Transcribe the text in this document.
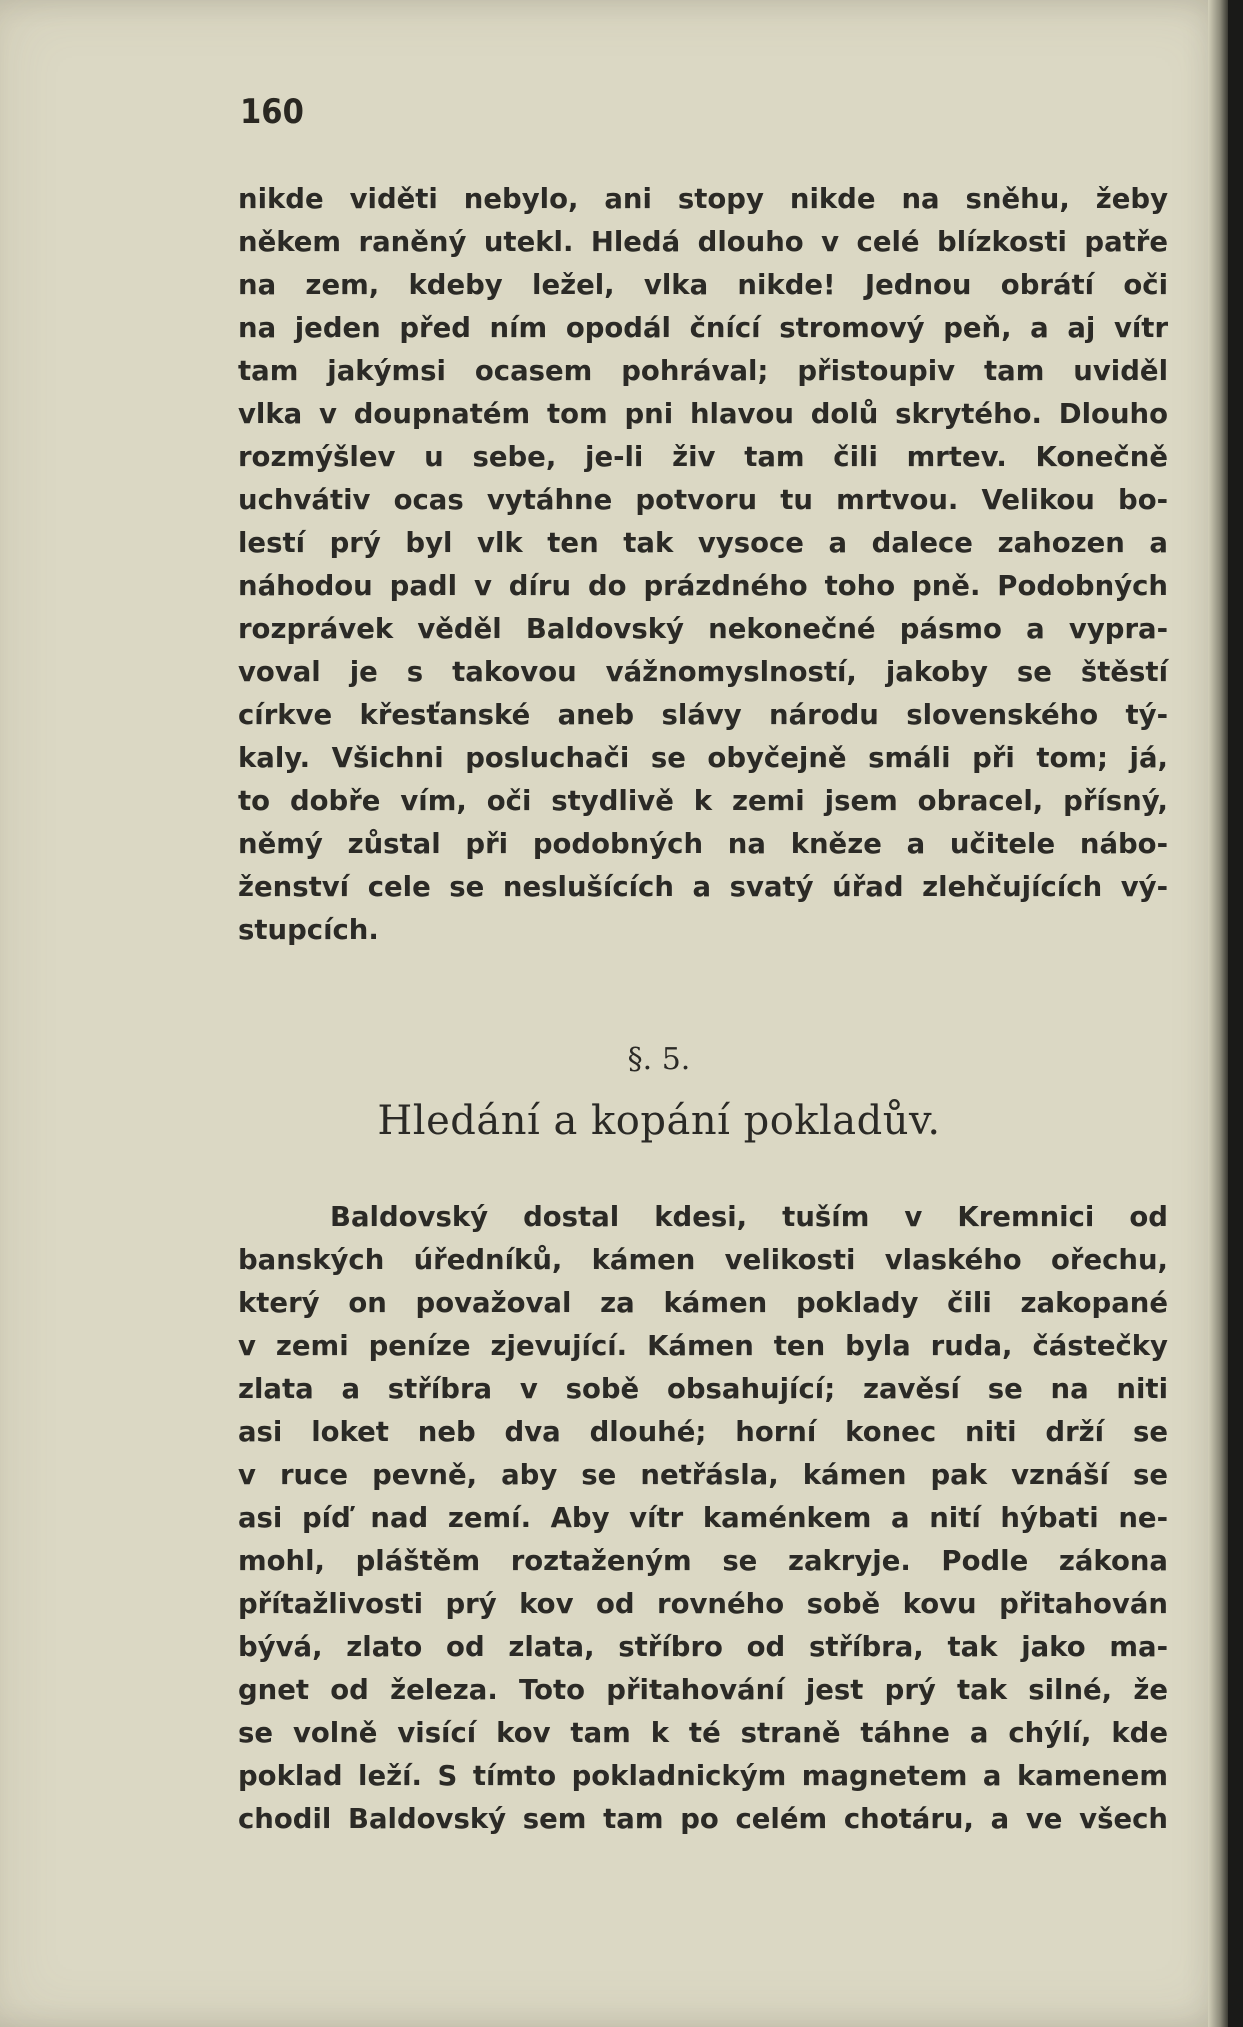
160
nikde viděti nebylo, ani stopy nikde na sněhu, žeby
někem raněný utekl. Hledá dlouho v celé blízkosti patře
na zem, kdeby ležel, vlka nikde! Jednou obrátí oči
na jeden před ním opodál čnící stromový peň, a aj vítr
tam jakýmsi ocasem pohrával; přistoupiv tam uviděl
vlka v doupnatém tom pni hlavou dolů skrytého. Dlouho
rozmýšlev u sebe, je-li živ tam čili mrtev. Konečně
uchvátiv ocas vytáhne potvoru tu mrtvou. Velikou bo-
lestí prý byl vlk ten tak vysoce a dalece zahozen a
náhodou padl v díru do prázdného toho pně. Podobných
rozprávek věděl Baldovský nekonečné pásmo a vypra-
voval je s takovou vážnomyslností, jakoby se štěstí
církve křesťanské aneb slávy národu slovenského tý-
kaly. Všichni posluchači se obyčejně smáli při tom; já,
to dobře vím, oči stydlivě k zemi jsem obracel, přísný,
němý zůstal při podobných na kněze a učitele nábo-
ženství cele se neslušících a svatý úřad zlehčujících vý-
stupcích.
§. 5.
Hledání a kopání pokladův.
Baldovský dostal kdesi, tuším v Kremnici od
banských úředníků, kámen velikosti vlaského ořechu,
který on považoval za kámen poklady čili zakopané
v zemi peníze zjevující. Kámen ten byla ruda, částečky
zlata a stříbra v sobě obsahující; zavěsí se na niti
asi loket neb dva dlouhé; horní konec niti drží se
v ruce pevně, aby se netřásla, kámen pak vznáší se
asi píď nad zemí. Aby vítr kaménkem a nití hýbati ne-
mohl, pláštěm roztaženým se zakryje. Podle zákona
přítažlivosti prý kov od rovného sobě kovu přitahován
bývá, zlato od zlata, stříbro od stříbra, tak jako ma-
gnet od železa. Toto přitahování jest prý tak silné, že
se volně visící kov tam k té straně táhne a chýlí, kde
poklad leží. S tímto pokladnickým magnetem a kamenem
chodil Baldovský sem tam po celém chotáru, a ve všech
